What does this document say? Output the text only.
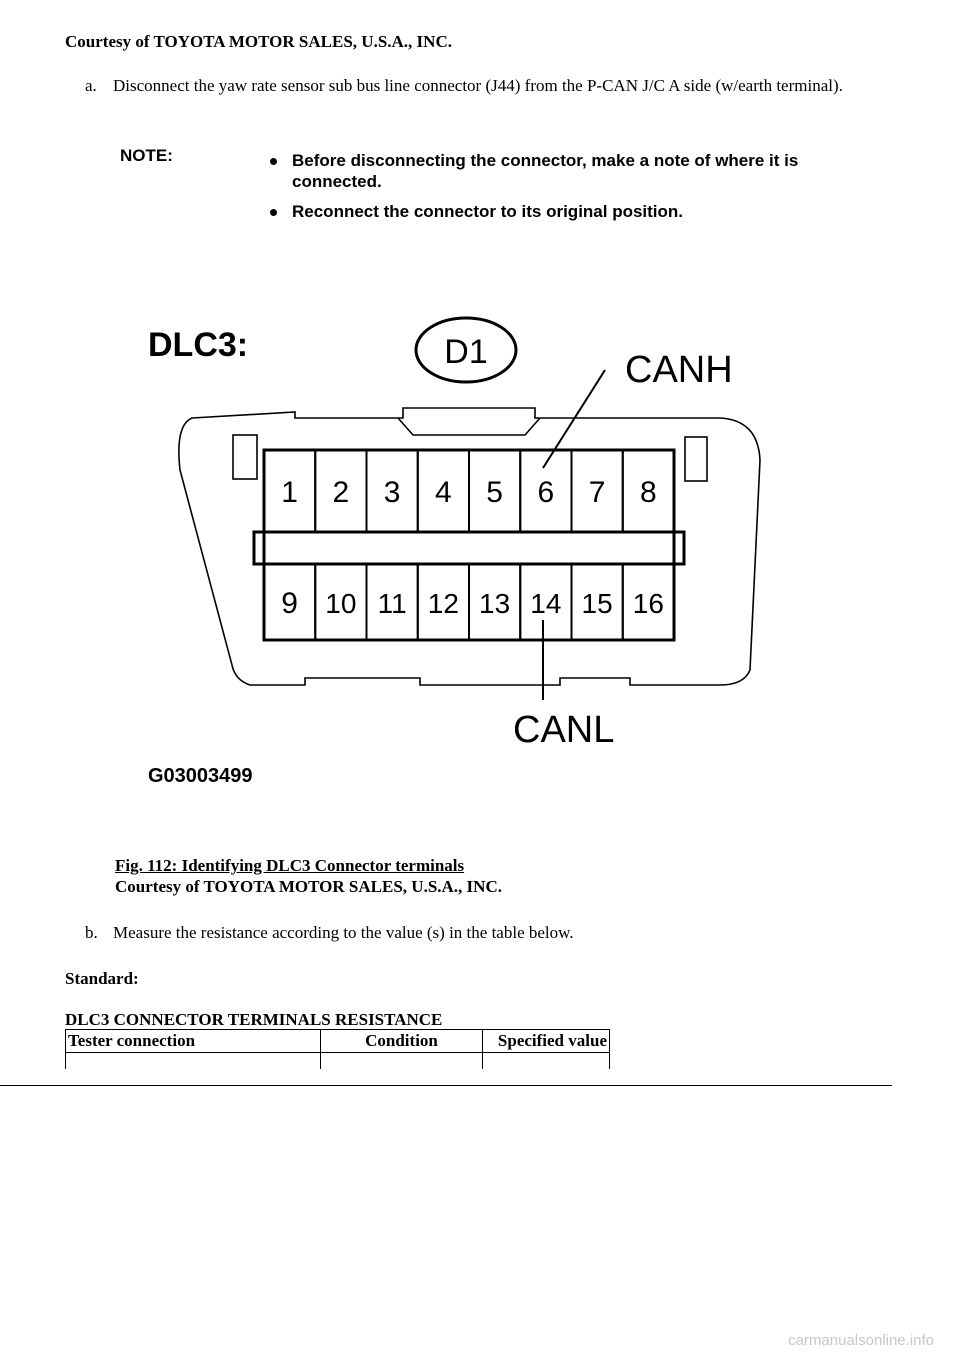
Courtesy of TOYOTA MOTOR SALES, U.S.A., INC.
a. Disconnect the yaw rate sensor sub bus line connector (J44) from the P-CAN J/C A side (w/earth terminal).
NOTE:	Before disconnecting the connector, make a note of where it is connected.
Reconnect the connector to its original position.
DLC3:	D1	CANH
1 2 3 4 5 6 7 8
9 10 11 12 13 14 15 16
CANL
G03003499
Fig. 112: Identifying DLC3 Connector terminals
Courtesy of TOYOTA MOTOR SALES, U.S.A., INC.
b. Measure the resistance according to the value (s) in the table below.
Standard:
DLC3 CONNECTOR TERMINALS RESISTANCE
Tester connection	Condition	Specified value

carmanualsonline.info
